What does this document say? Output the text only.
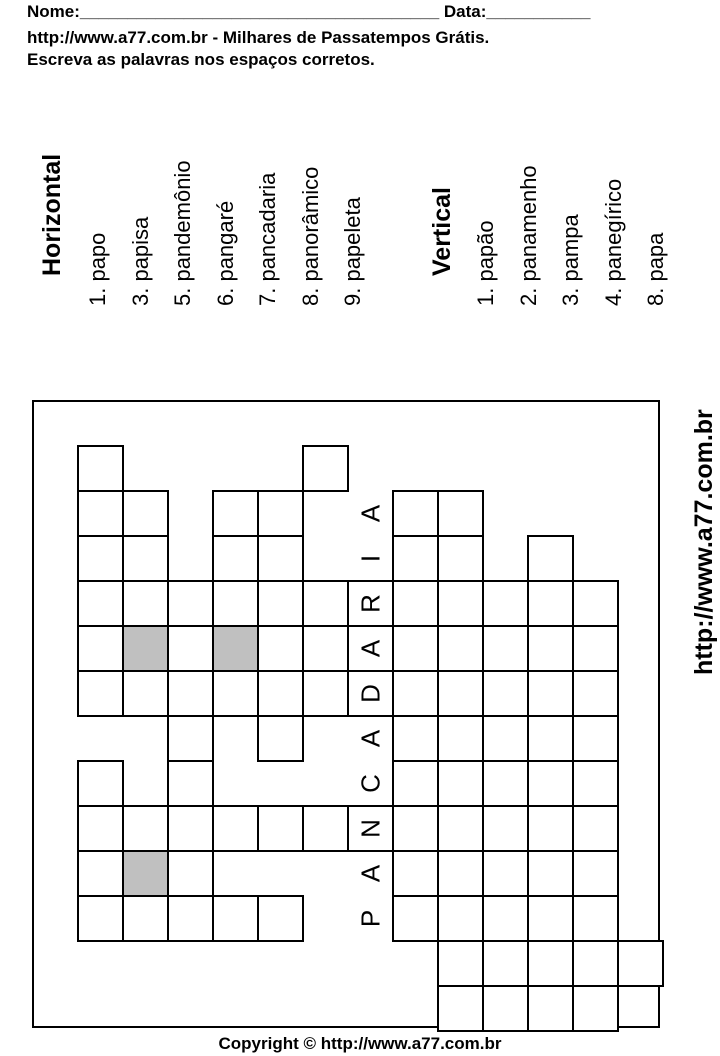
Nome:______________________________________ Data:___________
http://www.a77.com.br - Milhares de Passatempos Grátis.
Escreva as palavras nos espaços corretos.
Horizontal 1. papo 3. papisa 5. pandemônio 6. pangaré 7. pancadaria 8. panorâmico 9. papeleta	Vertical 1. papão 2. panamenho 3. pampa 4. panegírico 8. papa
A
I
R
A
D
A
C
N
A
P
http://www.a77.com.br
Copyright © http://www.a77.com.br
